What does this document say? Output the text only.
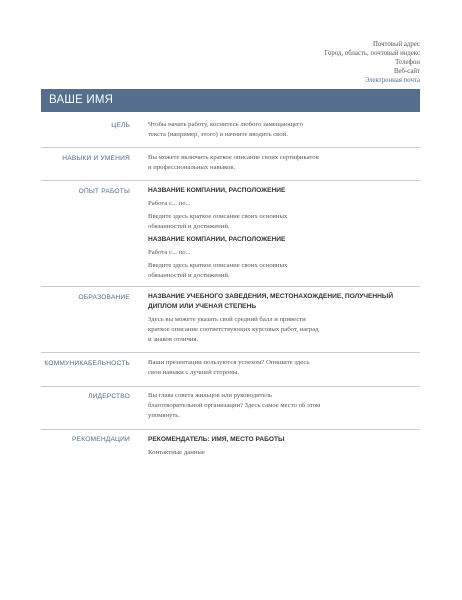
Почтовый адрес
Город, область, почтовый индекс
Телефон
Веб-сайт
Электронная почта
ВАШЕ ИМЯ
ЦЕЛЬ	Чтобы начать работу, коснитесь любого замещающего

текста (например, этого) и начните вводить свой.

НАВЫКИ И УМЕНИЯ	Вы можете включить краткое описание своих сертификатов

и профессиональных навыков.

ОПЫТ РАБОТЫ	НАЗВАНИЕ КОМПАНИИ, РАСПОЛОЖЕНИЕ

Работа с... по...

Введите здесь краткое описание своих основных

обязанностей и достижений.

НАЗВАНИЕ КОМПАНИИ, РАСПОЛОЖЕНИЕ

Работа с... по...

Введите здесь краткое описание своих основных

обязанностей и достижений.

ОБРАЗОВАНИЕ	НАЗВАНИЕ УЧЕБНОГО ЗАВЕДЕНИЯ, МЕСТОНАХОЖДЕНИЕ, ПОЛУЧЕННЫЙ

ДИПЛОМ ИЛИ УЧЕНАЯ СТЕПЕНЬ

Здесь вы можете указать свой средний балл и привести

краткое описание соответствующих курсовых работ, наград

и знаков отличия.

КОММУНИКАБЕЛЬНОСТЬ	Ваши презентации пользуются успехом? Опишите здесь

свои навыки с лучшей стороны.

ЛИДЕРСТВО	Вы глава совета жильцов или руководитель

благотворительной организации? Здесь самое место об этом

упомянуть.

РЕКОМЕНДАЦИИ	РЕКОМЕНДАТЕЛЬ: ИМЯ, МЕСТО РАБОТЫ

Контактные данные
